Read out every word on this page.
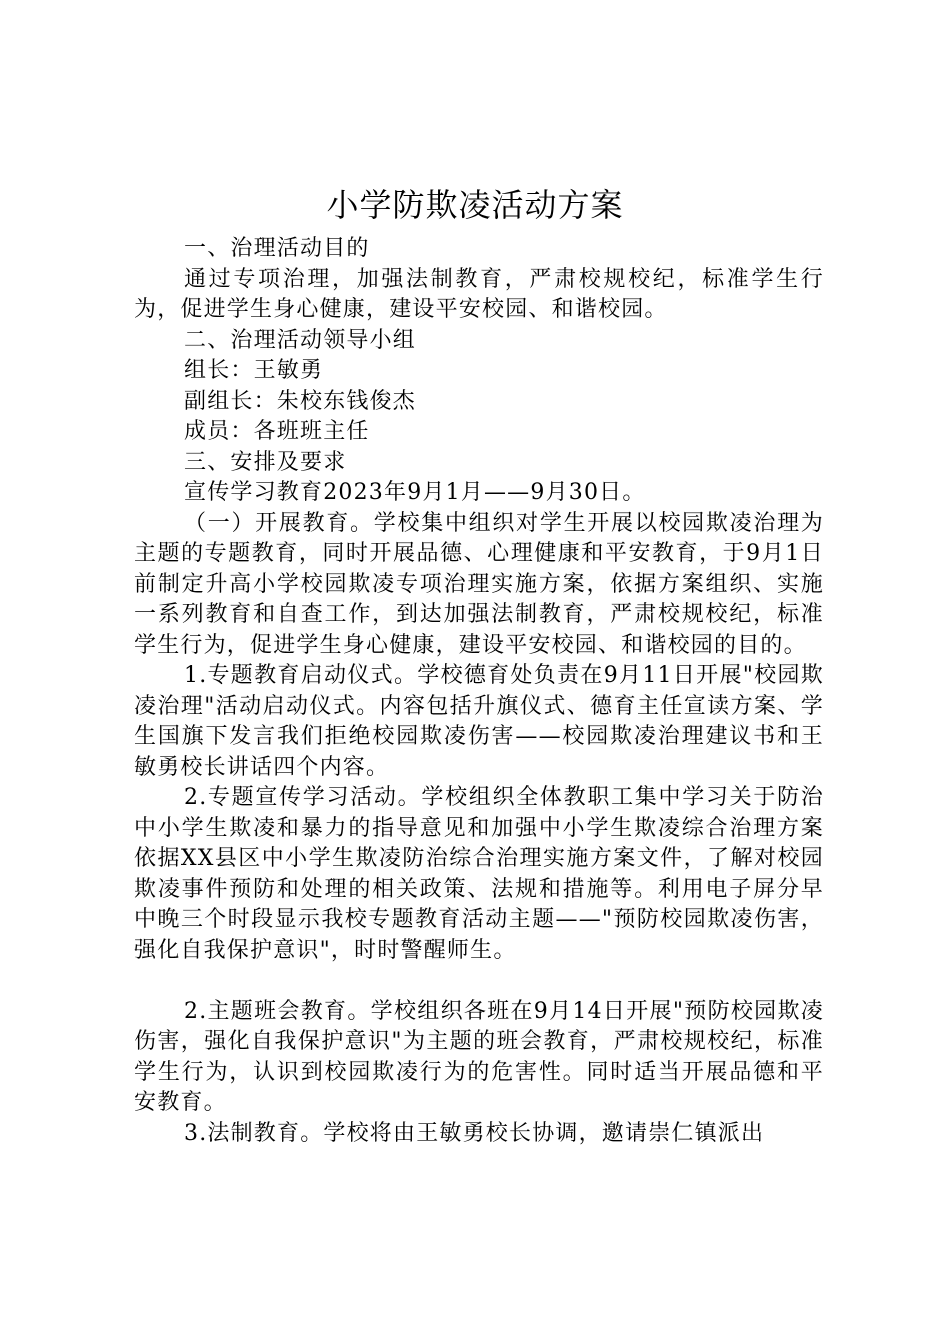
小学防欺凌活动方案

一、治理活动目的

通过专项治理，加强法制教育，严肃校规校纪，标准学生行为，促进学生身心健康，建设平安校园、和谐校园。

二、治理活动领导小组

组长：王敏勇

副组长：朱校东钱俊杰

成员：各班班主任

三、安排及要求

宣传学习教育2023年9月1月——9月30日。

（一）开展教育。学校集中组织对学生开展以校园欺凌治理为主题的专题教育，同时开展品德、心理健康和平安教育，于9月1日前制定升高小学校园欺凌专项治理实施方案，依据方案组织、实施一系列教育和自查工作，到达加强法制教育，严肃校规校纪，标准学生行为，促进学生身心健康，建设平安校园、和谐校园的目的。

1.专题教育启动仪式。学校德育处负责在9月11日开展"校园欺凌治理"活动启动仪式。内容包括升旗仪式、德育主任宣读方案、学生国旗下发言我们拒绝校园欺凌伤害——校园欺凌治理建议书和王敏勇校长讲话四个内容。

2.专题宣传学习活动。学校组织全体教职工集中学习关于防治中小学生欺凌和暴力的指导意见和加强中小学生欺凌综合治理方案依据XX县区中小学生欺凌防治综合治理实施方案文件，了解对校园欺凌事件预防和处理的相关政策、法规和措施等。利用电子屏分早中晚三个时段显示我校专题教育活动主题——"预防校园欺凌伤害，强化自我保护意识"，时时警醒师生。

2.主题班会教育。学校组织各班在9月14日开展"预防校园欺凌伤害，强化自我保护意识"为主题的班会教育，严肃校规校纪，标准学生行为，认识到校园欺凌行为的危害性。同时适当开展品德和平安教育。

3.法制教育。学校将由王敏勇校长协调，邀请崇仁镇派出
